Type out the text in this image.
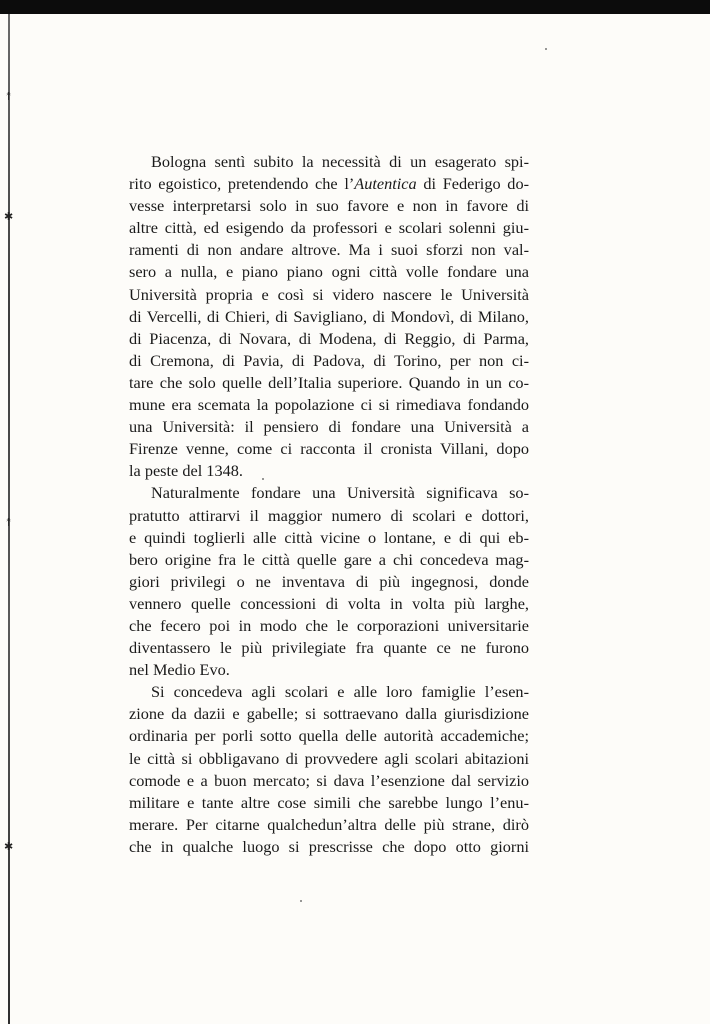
↟
✱
↟
✱
Bologna sentì subito la necessità di un esagerato spi-
rito egoistico, pretendendo che l’Autentica di Federigo do-
vesse interpretarsi solo in suo favore e non in favore di
altre città, ed esigendo da professori e scolari solenni giu-
ramenti di non andare altrove. Ma i suoi sforzi non val-
sero a nulla, e piano piano ogni città volle fondare una
Università propria e così si videro nascere le Università
di Vercelli, di Chieri, di Savigliano, di Mondovì, di Milano,
di Piacenza, di Novara, di Modena, di Reggio, di Parma,
di Cremona, di Pavia, di Padova, di Torino, per non ci-
tare che solo quelle dell’Italia superiore. Quando in un co-
mune era scemata la popolazione ci si rimediava fondando
una Università: il pensiero di fondare una Università a
Firenze venne, come ci racconta il cronista Villani, dopo
la peste del 1348.
Naturalmente fondare una Università significava so-
pratutto attirarvi il maggior numero di scolari e dottori,
e quindi toglierli alle città vicine o lontane, e di qui eb-
bero origine fra le città quelle gare a chi concedeva mag-
giori privilegi o ne inventava di più ingegnosi, donde
vennero quelle concessioni di volta in volta più larghe,
che fecero poi in modo che le corporazioni universitarie
diventassero le più privilegiate fra quante ce ne furono
nel Medio Evo.
Si concedeva agli scolari e alle loro famiglie l’esen-
zione da dazii e gabelle; si sottraevano dalla giurisdizione
ordinaria per porli sotto quella delle autorità accademiche;
le città si obbligavano di provvedere agli scolari abitazioni
comode e a buon mercato; si dava l’esenzione dal servizio
militare e tante altre cose simili che sarebbe lungo l’enu-
merare. Per citarne qualchedun’altra delle più strane, dirò
che in qualche luogo si prescrisse che dopo otto giorni
